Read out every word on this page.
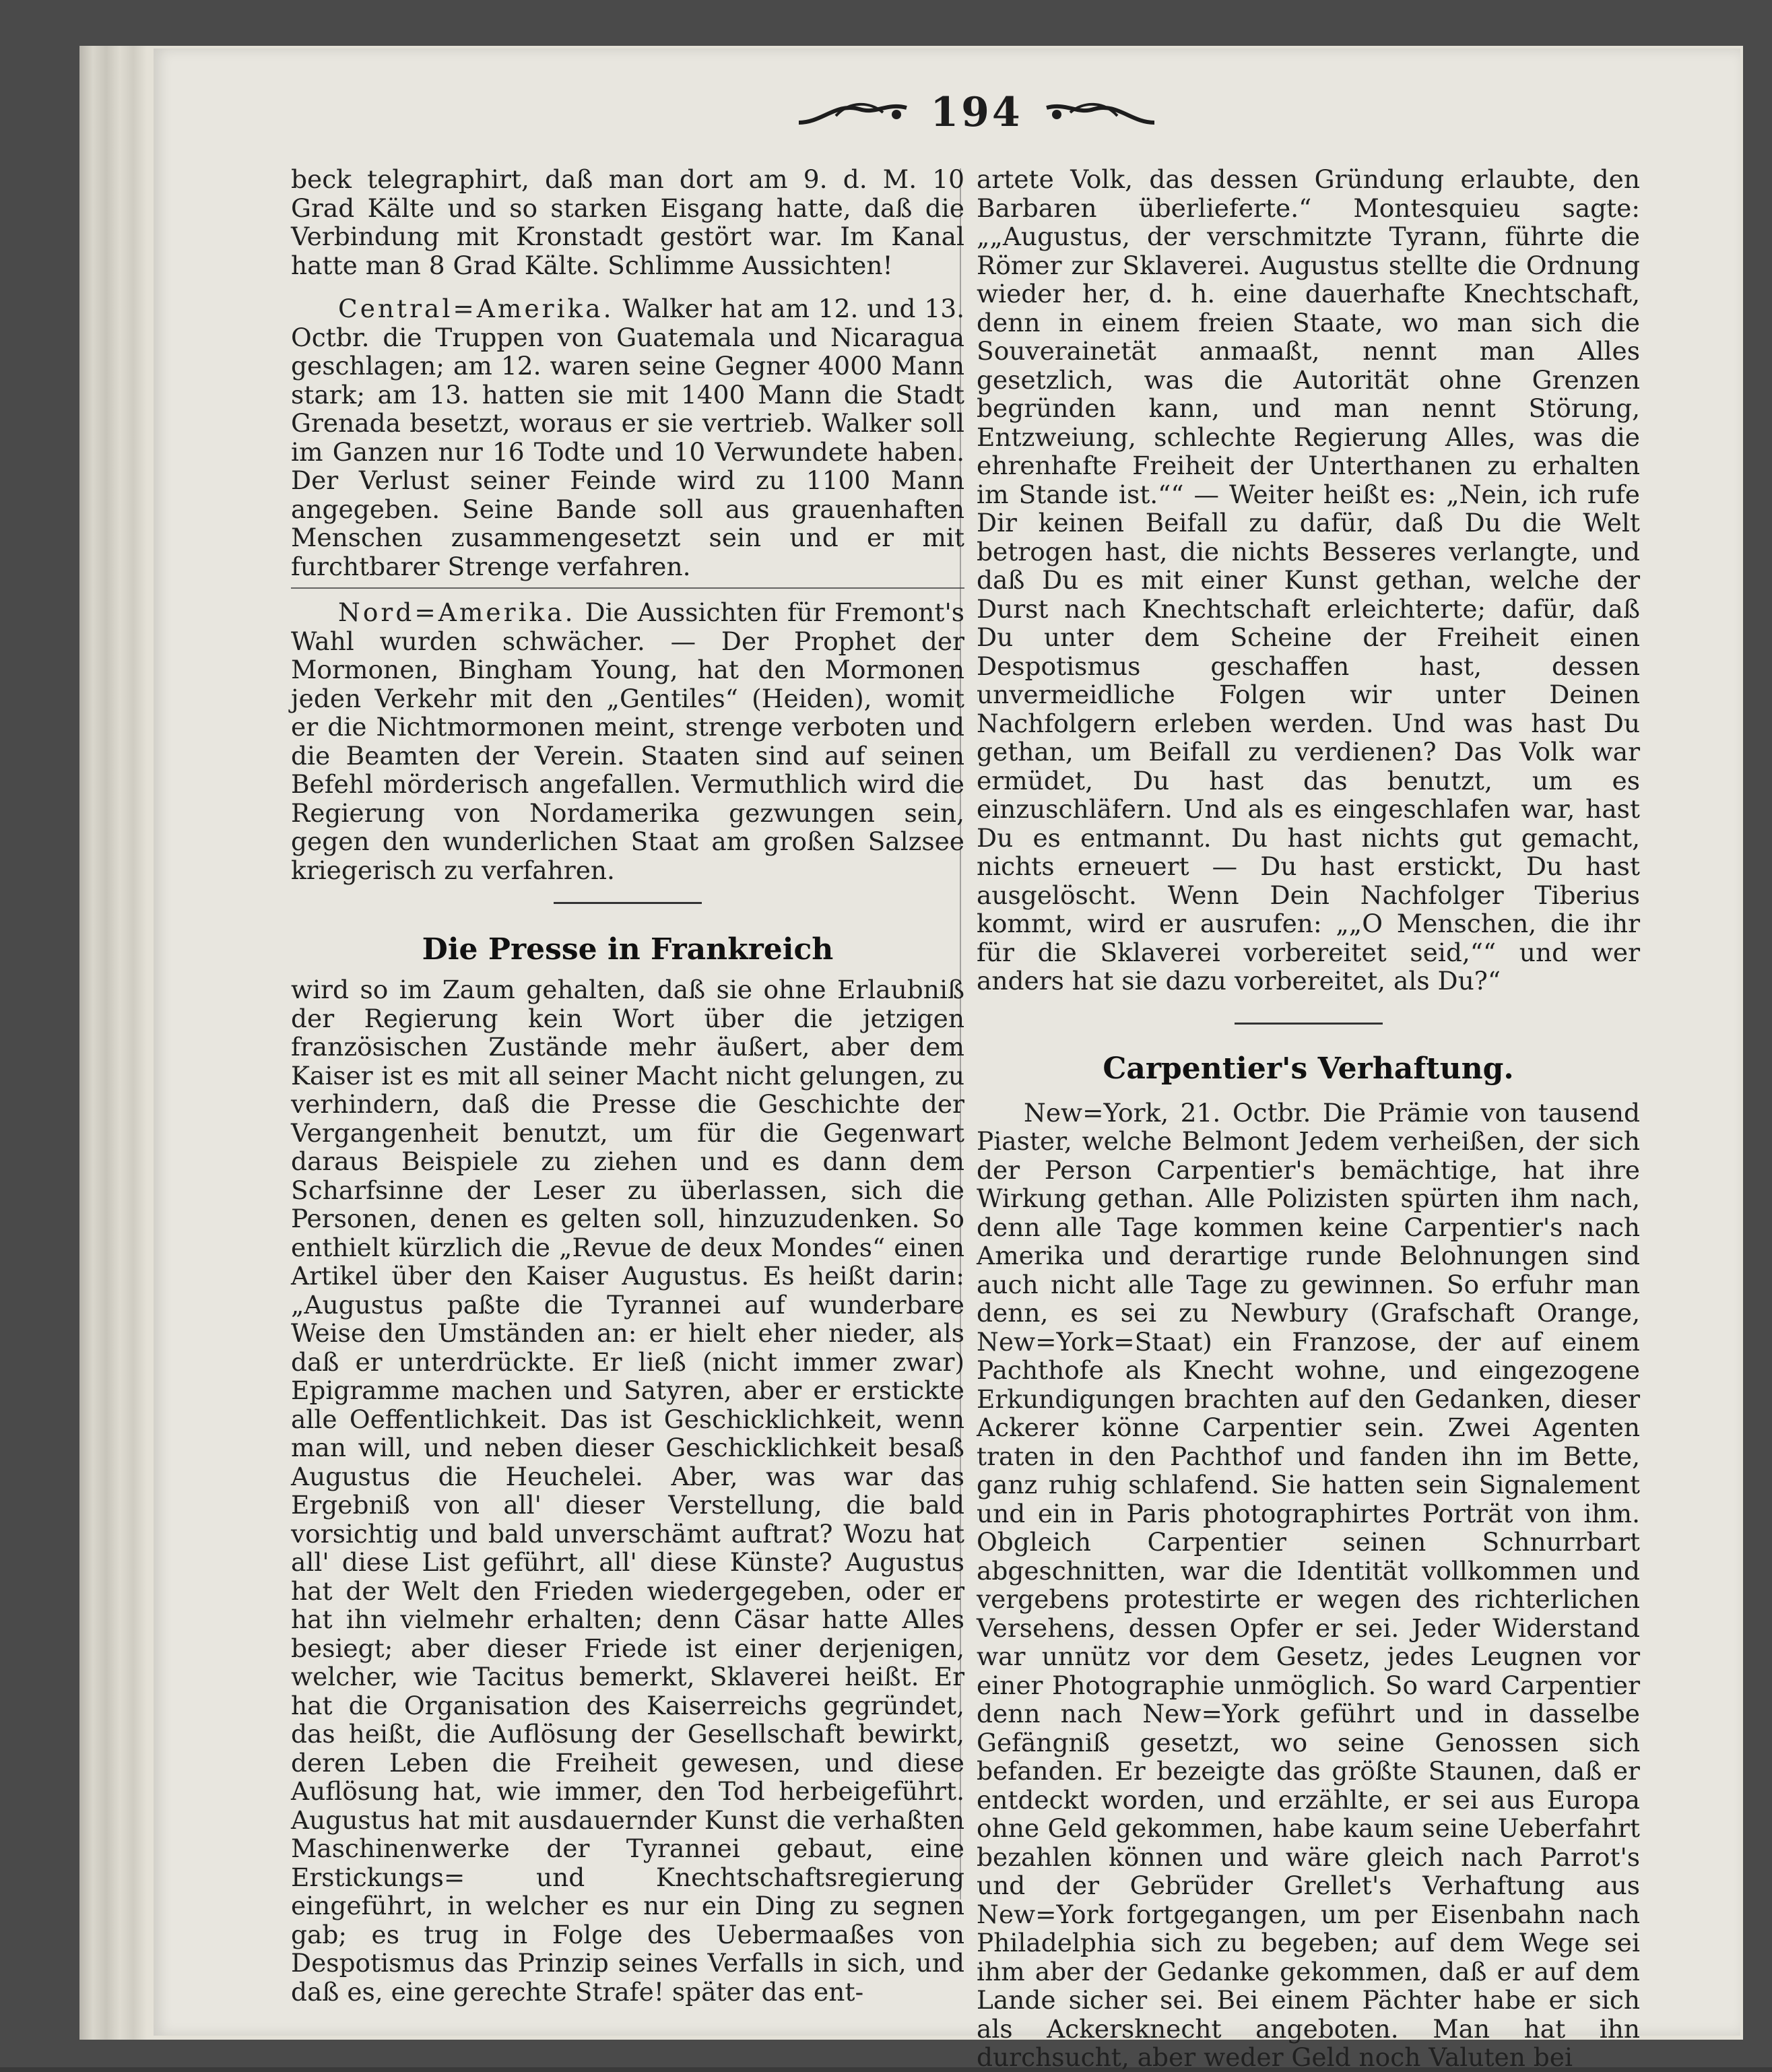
194

beck telegraphirt, daß man dort am 9. d. M. 10 Grad Kälte und so starken Eisgang hatte, daß die Verbindung mit Kronstadt gestört war. Im Kanal hatte man 8 Grad Kälte. Schlimme Aussichten!

Central=Amerika. Walker hat am 12. und 13. Octbr. die Truppen von Guatemala und Nicaragua geschlagen; am 12. waren seine Gegner 4000 Mann stark; am 13. hatten sie mit 1400 Mann die Stadt Grenada besetzt, woraus er sie vertrieb. Walker soll im Ganzen nur 16 Todte und 10 Verwundete haben. Der Verlust seiner Feinde wird zu 1100 Mann angegeben. Seine Bande soll aus grauenhaften Menschen zusammengesetzt sein und er mit furchtbarer Strenge verfahren.

Nord=Amerika. Die Aussichten für Fremont's Wahl wurden schwächer. — Der Prophet der Mormonen, Bingham Young, hat den Mormonen jeden Verkehr mit den „Gentiles“ (Heiden), womit er die Nichtmormonen meint, strenge verboten und die Beamten der Verein. Staaten sind auf seinen Befehl mörderisch angefallen. Vermuthlich wird die Regierung von Nordamerika gezwungen sein, gegen den wunderlichen Staat am großen Salzsee kriegerisch zu verfahren.

Die Presse in Frankreich

wird so im Zaum gehalten, daß sie ohne Erlaubniß der Regierung kein Wort über die jetzigen französischen Zustände mehr äußert, aber dem Kaiser ist es mit all seiner Macht nicht gelungen, zu verhindern, daß die Presse die Geschichte der Vergangenheit benutzt, um für die Gegenwart daraus Beispiele zu ziehen und es dann dem Scharfsinne der Leser zu überlassen, sich die Personen, denen es gelten soll, hinzuzudenken. So enthielt kürzlich die „Revue de deux Mondes“ einen Artikel über den Kaiser Augustus. Es heißt darin: „Augustus paßte die Tyrannei auf wunderbare Weise den Umständen an: er hielt eher nieder, als daß er unterdrückte. Er ließ (nicht immer zwar) Epigramme machen und Satyren, aber er erstickte alle Oeffentlichkeit. Das ist Geschicklichkeit, wenn man will, und neben dieser Geschicklichkeit besaß Augustus die Heuchelei. Aber, was war das Ergebniß von all' dieser Verstellung, die bald vorsichtig und bald unverschämt auftrat? Wozu hat all' diese List geführt, all' diese Künste? Augustus hat der Welt den Frieden wiedergegeben, oder er hat ihn vielmehr erhalten; denn Cäsar hatte Alles besiegt; aber dieser Friede ist einer derjenigen, welcher, wie Tacitus bemerkt, Sklaverei heißt. Er hat die Organisation des Kaiserreichs gegründet, das heißt, die Auflösung der Gesellschaft bewirkt, deren Leben die Freiheit gewesen, und diese Auflösung hat, wie immer, den Tod herbeigeführt. Augustus hat mit ausdauernder Kunst die verhaßten Maschinenwerke der Tyrannei gebaut, eine Erstickungs= und Knechtschaftsregierung eingeführt, in welcher es nur ein Ding zu segnen gab; es trug in Folge des Uebermaaßes von Despotismus das Prinzip seines Verfalls in sich, und daß es, eine gerechte Strafe! später das ent-

artete Volk, das dessen Gründung erlaubte, den Barbaren überlieferte.“ Montesquieu sagte: „„Augustus, der verschmitzte Tyrann, führte die Römer zur Sklaverei. Augustus stellte die Ordnung wieder her, d. h. eine dauerhafte Knechtschaft, denn in einem freien Staate, wo man sich die Souverainetät anmaaßt, nennt man Alles gesetzlich, was die Autorität ohne Grenzen begründen kann, und man nennt Störung, Entzweiung, schlechte Regierung Alles, was die ehrenhafte Freiheit der Unterthanen zu erhalten im Stande ist.““ — Weiter heißt es: „Nein, ich rufe Dir keinen Beifall zu dafür, daß Du die Welt betrogen hast, die nichts Besseres verlangte, und daß Du es mit einer Kunst gethan, welche der Durst nach Knechtschaft erleichterte; dafür, daß Du unter dem Scheine der Freiheit einen Despotismus geschaffen hast, dessen unvermeidliche Folgen wir unter Deinen Nachfolgern erleben werden. Und was hast Du gethan, um Beifall zu verdienen? Das Volk war ermüdet, Du hast das benutzt, um es einzuschläfern. Und als es eingeschlafen war, hast Du es entmannt. Du hast nichts gut gemacht, nichts erneuert — Du hast erstickt, Du hast ausgelöscht. Wenn Dein Nachfolger Tiberius kommt, wird er ausrufen: „„O Menschen, die ihr für die Sklaverei vorbereitet seid,““ und wer anders hat sie dazu vorbereitet, als Du?“

Carpentier's Verhaftung.

New=York, 21. Octbr. Die Prämie von tausend Piaster, welche Belmont Jedem verheißen, der sich der Person Carpentier's bemächtige, hat ihre Wirkung gethan. Alle Polizisten spürten ihm nach, denn alle Tage kommen keine Carpentier's nach Amerika und derartige runde Belohnungen sind auch nicht alle Tage zu gewinnen. So erfuhr man denn, es sei zu Newbury (Grafschaft Orange, New=York=Staat) ein Franzose, der auf einem Pachthofe als Knecht wohne, und eingezogene Erkundigungen brachten auf den Gedanken, dieser Ackerer könne Carpentier sein. Zwei Agenten traten in den Pachthof und fanden ihn im Bette, ganz ruhig schlafend. Sie hatten sein Signalement und ein in Paris photographirtes Porträt von ihm. Obgleich Carpentier seinen Schnurrbart abgeschnitten, war die Identität vollkommen und vergebens protestirte er wegen des richterlichen Versehens, dessen Opfer er sei. Jeder Widerstand war unnütz vor dem Gesetz, jedes Leugnen vor einer Photographie unmöglich. So ward Carpentier denn nach New=York geführt und in dasselbe Gefängniß gesetzt, wo seine Genossen sich befanden. Er bezeigte das größte Staunen, daß er entdeckt worden, und erzählte, er sei aus Europa ohne Geld gekommen, habe kaum seine Ueberfahrt bezahlen können und wäre gleich nach Parrot's und der Gebrüder Grellet's Verhaftung aus New=York fortgegangen, um per Eisenbahn nach Philadelphia sich zu begeben; auf dem Wege sei ihm aber der Gedanke gekommen, daß er auf dem Lande sicher sei. Bei einem Pächter habe er sich als Ackersknecht angeboten. Man hat ihn durchsucht, aber weder Geld noch Valuten bei
